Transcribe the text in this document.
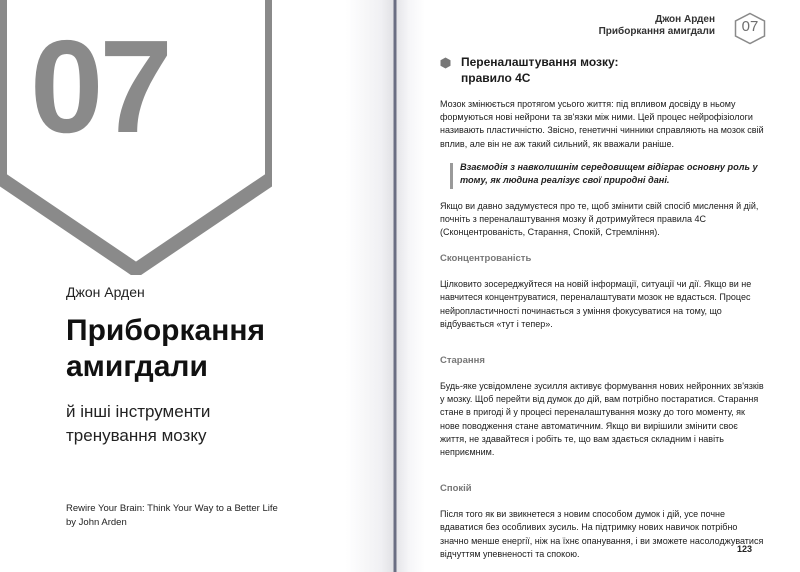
07

Джон Арден

Приборкання
амигдали

й інші інструменти
тренування мозку

Rewire Your Brain: Think Your Way to a Better Life
by John Arden

Джон Арден
Приборкання амигдали	07

Переналаштування мозку:
правило 4С

Мозок змінюється протягом усього життя: під впливом досвіду в ньому формуються нові нейрони та зв'язки між ними. Цей процес нейрофізіологи називають пластичністю. Звісно, генетичні чинники справляють на мозок свій вплив, але він не аж такий сильний, як вважали раніше.

Взаємодія з навколишнім середовищем відіграє основну роль у тому, як людина реалізує свої природні дані.

Якщо ви давно задумуєтеся про те, щоб змінити свій спосіб мислення й дій, почніть з переналаштування мозку й дотримуйтеся правила 4С (Сконцентрованість, Старання, Спокій, Стремління).

Сконцентрованість

Цілковито зосереджуйтеся на новій інформації, ситуації чи дії. Якщо ви не навчитеся концентруватися, переналаштувати мозок не вдасться. Процес нейропластичності починається з уміння фокусуватися на тому, що відбувається «тут і тепер».

Старання

Будь-яке усвідомлене зусилля активує формування нових нейронних зв'язків у мозку. Щоб перейти від думок до дій, вам потрібно постаратися. Старання стане в пригоді й у процесі переналаштування мозку до того моменту, як нове поводження стане автоматичним. Якщо ви вирішили змінити своє життя, не здавайтеся і робіть те, що вам здається складним і навіть неприємним.

Спокій

Після того як ви звикнетеся з новим способом думок і дій, усе почне вдаватися без особливих зусиль. На підтримку нових навичок потрібно значно менше енергії, ніж на їхнє опанування, і ви зможете насолоджуватися відчуттям упевненості та спокою.	123
